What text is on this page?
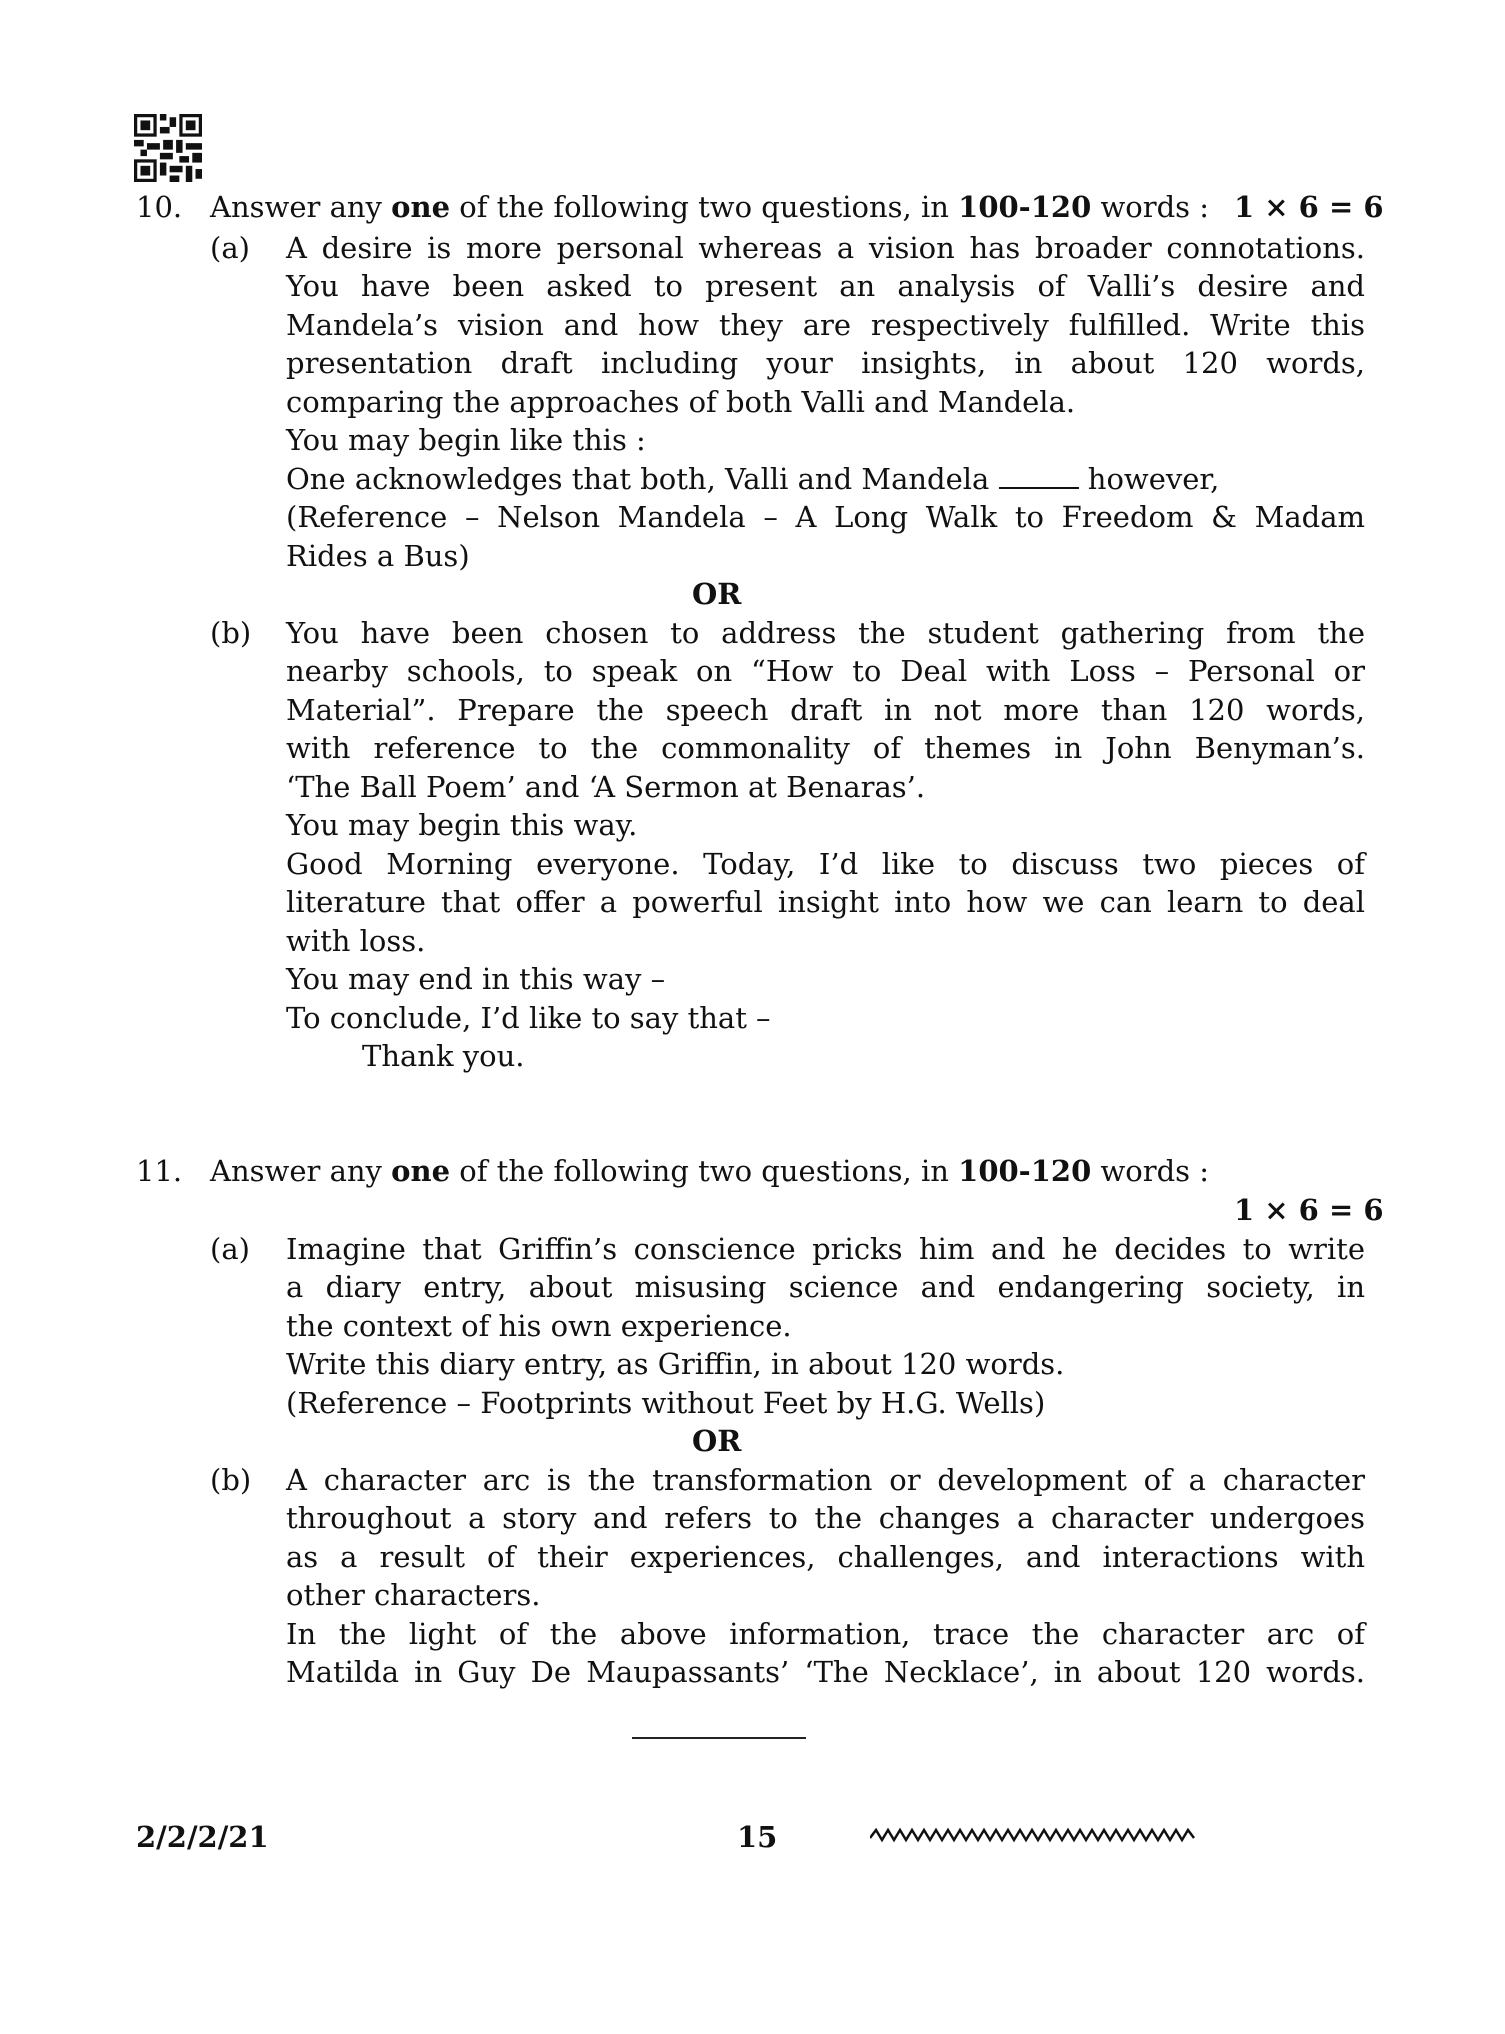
10. Answer any one of the following two questions, in 100-120 words : 1 × 6 = 6
(a) A desire is more personal whereas a vision has broader connotations.
You have been asked to present an analysis of Valli’s desire and
Mandela’s vision and how they are respectively fulfilled. Write this
presentation draft including your insights, in about 120 words,
comparing the approaches of both Valli and Mandela.
You may begin like this :
One acknowledges that both, Valli and Mandela	however,
(Reference – Nelson Mandela – A Long Walk to Freedom & Madam
Rides a Bus)
OR
(b) You have been chosen to address the student gathering from the
nearby schools, to speak on “How to Deal with Loss – Personal or
Material”. Prepare the speech draft in not more than 120 words,
with reference to the commonality of themes in John Benyman’s.
‘The Ball Poem’ and ‘A Sermon at Benaras’.
You may begin this way.
Good Morning everyone. Today, I’d like to discuss two pieces of
literature that offer a powerful insight into how we can learn to deal
with loss.
You may end in this way –
To conclude, I’d like to say that –
Thank you.
11. Answer any one of the following two questions, in 100-120 words :
1 × 6 = 6
(a) Imagine that Griffin’s conscience pricks him and he decides to write
a diary entry, about misusing science and endangering society, in
the context of his own experience.
Write this diary entry, as Griffin, in about 120 words.
(Reference – Footprints without Feet by H.G. Wells)
OR
(b) A character arc is the transformation or development of a character
throughout a story and refers to the changes a character undergoes
as a result of their experiences, challenges, and interactions with
other characters.
In the light of the above information, trace the character arc of
Matilda in Guy De Maupassants’ ‘The Necklace’, in about 120 words.
2/2/2/21	15
